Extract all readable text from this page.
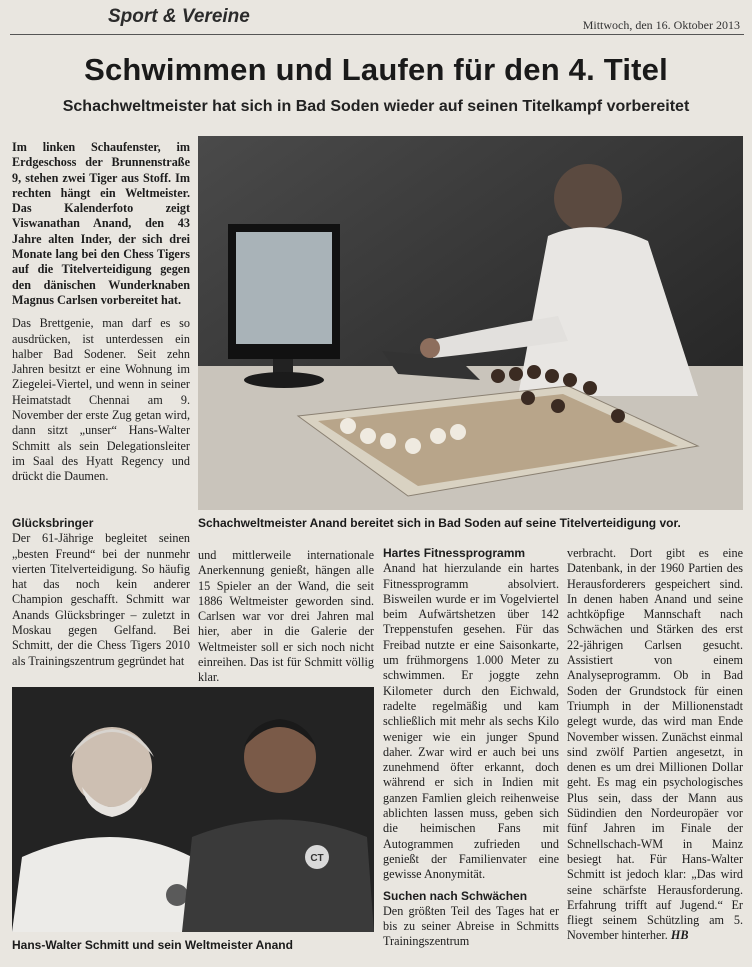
Sport & Vereine	Mittwoch, den 16. Oktober 2013
Schwimmen und Laufen für den 4. Titel
Schachweltmeister hat sich in Bad Soden wieder auf seinen Titelkampf vorbereitet

Im linken Schaufenster, im Erdgeschoss der Brunnenstraße 9, stehen zwei Tiger aus Stoff. Im rechten hängt ein Weltmeister. Das Kalenderfoto zeigt Viswanathan Anand, den 43 Jahre alten Inder, der sich drei Monate lang bei den Chess Tigers auf die Titelverteidigung gegen den dänischen Wunderknaben Magnus Carlsen vorbereitet hat.

Das Brettgenie, man darf es so ausdrücken, ist unterdessen ein halber Bad Sodener. Seit zehn Jahren besitzt er eine Wohnung im Ziegelei-Viertel, und wenn in seiner Heimatstadt Chennai am 9. November der erste Zug getan wird, dann sitzt „unser“ Hans-Walter Schmitt als sein Delegationsleiter im Saal des Hyatt Regency und drückt die Daumen.

Schachweltmeister Anand bereitet sich in Bad Soden auf seine Titelverteidigung vor.

Glücksbringer

Der 61-Jährige begleitet seinen „besten Freund“ bei der nunmehr vierten Titelverteidigung. So häufig hat das noch kein anderer Champion geschafft. Schmitt war Anands Glücksbringer – zuletzt in Moskau gegen Gelfand. Bei Schmitt, der die Chess Tigers 2010 als Trainingszentrum gegründet hat

und mittlerweile internationale Anerkennung genießt, hängen alle 15 Spieler an der Wand, die seit 1886 Weltmeister geworden sind. Carlsen war vor drei Jahren mal hier, aber in die Galerie der Weltmeister soll er sich noch nicht einreihen. Das ist für Schmitt völlig klar.

Hartes Fitnessprogramm

Anand hat hierzulande ein hartes Fitnessprogramm absolviert. Bisweilen wurde er im Vogelviertel beim Aufwärtshetzen über 142 Treppenstufen gesehen. Für das Freibad nutzte er eine Saisonkarte, um frühmorgens 1.000 Meter zu schwimmen. Er joggte zehn Kilometer durch den Eichwald, radelte regelmäßig und kam schließlich mit mehr als sechs Kilo weniger wie ein junger Spund daher. Zwar wird er auch bei uns zunehmend öfter erkannt, doch während er sich in Indien mit ganzen Famlien gleich reihenweise ablichten lassen muss, geben sich die heimischen Fans mit Autogrammen zufrieden und genießt der Familienvater eine gewisse Anonymität.

Suchen nach Schwächen

Den größten Teil des Tages hat er bis zu seiner Abreise in Schmitts Trainingszentrum

verbracht. Dort gibt es eine Datenbank, in der 1960 Partien des Herausforderers gespeichert sind. In denen haben Anand und seine achtköpfige Mannschaft nach Schwächen und Stärken des erst 22-jährigen Carlsen gesucht. Assistiert von einem Analyseprogramm. Ob in Bad Soden der Grundstock für einen Triumph in der Millionenstadt gelegt wurde, das wird man Ende November wissen. Zunächst einmal sind zwölf Partien angesetzt, in denen es um drei Millionen Dollar geht. Es mag ein psychologisches Plus sein, dass der Mann aus Südindien den Nordeuropäer vor fünf Jahren im Finale der Schnellschach-WM in Mainz besiegt hat. Für Hans-Walter Schmitt ist jedoch klar: „Das wird seine schärfste Herausforderung. Erfahrung trifft auf Jugend.“ Er fliegt seinem Schützling am 5. November hinterher. HB

CT
Hans-Walter Schmitt und sein Weltmeister Anand
